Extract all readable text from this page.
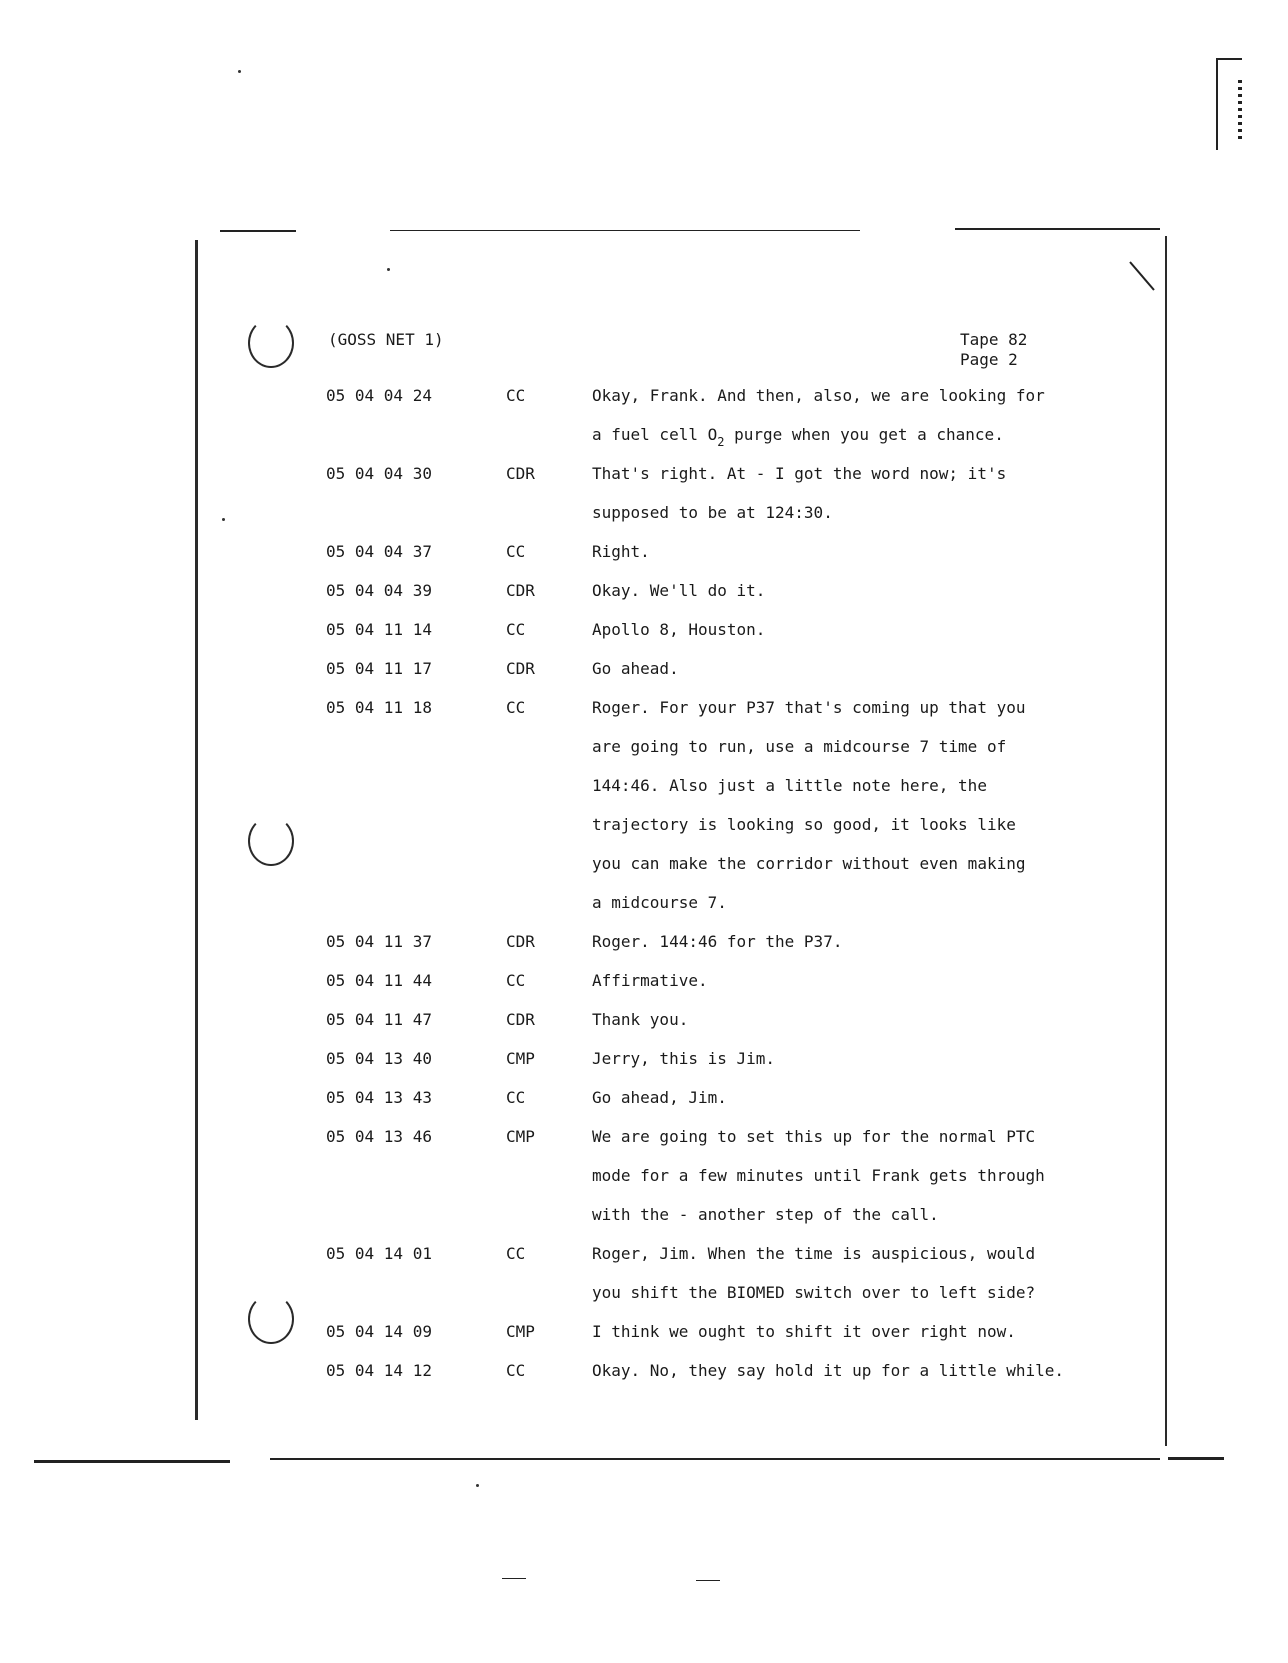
(GOSS NET 1)	Tape 82
Page 2
05 04 04 24	CC	Okay, Frank. And then, also, we are looking for
a fuel cell $O_2$ purge when you get a chance.
05 04 04 30	CDR	That's right. At - I got the word now; it's
supposed to be at 124:30.
05 04 04 37	CC	Right.
05 04 04 39	CDR	Okay. We'll do it.
05 04 11 14	CC	Apollo 8, Houston.
05 04 11 17	CDR	Go ahead.
05 04 11 18	CC	Roger. For your P37 that's coming up that you
are going to run, use a midcourse 7 time of
144:46. Also just a little note here, the
trajectory is looking so good, it looks like
you can make the corridor without even making
a midcourse 7.
05 04 11 37	CDR	Roger. 144:46 for the P37.
05 04 11 44	CC	Affirmative.
05 04 11 47	CDR	Thank you.
05 04 13 40	CMP	Jerry, this is Jim.
05 04 13 43	CC	Go ahead, Jim.
05 04 13 46	CMP	We are going to set this up for the normal PTC
mode for a few minutes until Frank gets through
with the - another step of the call.
05 04 14 01	CC	Roger, Jim. When the time is auspicious, would
you shift the BIOMED switch over to left side?
05 04 14 09	CMP	I think we ought to shift it over right now.
05 04 14 12	CC	Okay. No, they say hold it up for a little while.
